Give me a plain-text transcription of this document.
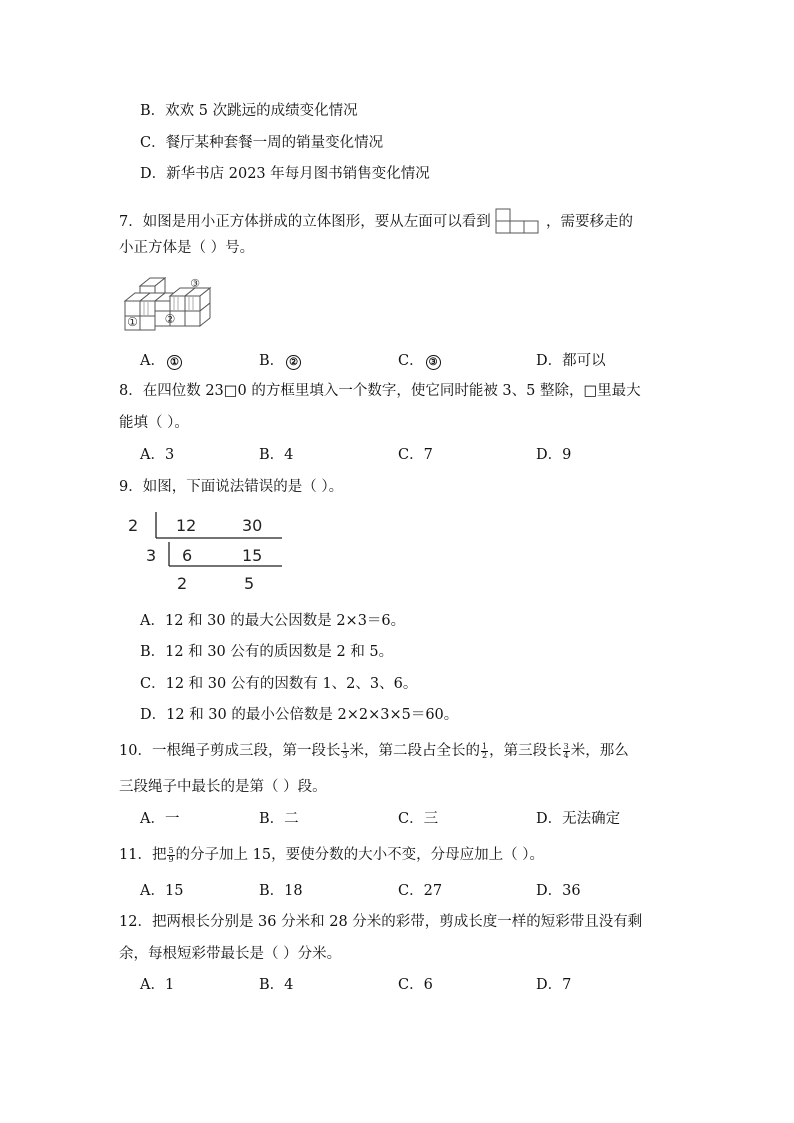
B．欢欢 5 次跳远的成绩变化情况
C．餐厅某种套餐一周的销量变化情况
D．新华书店 2023 年每月图书销售变化情况
7．如图是用小正方体拼成的立体图形，要从左面可以看到	，需要移走的
小正方体是（ ）号。
① ②
③
A． ①	B． ②	C． ③	D．都可以
8．在四位数 23□0 的方框里填入一个数字，使它同时能被 3、5 整除，□里最大
能填（ ）。
A．3	B．4	C．7	D．9
9．如图，下面说法错误的是（ ）。
2 12	30
3 6	15
2	5
A．12 和 30 的最大公因数是 2×3＝6。
B．12 和 30 公有的质因数是 2 和 5。
C．12 和 30 公有的因数有 1、2、3、6。
D．12 和 30 的最小公倍数是 2×2×3×5＝60。
10．一根绳子剪成三段，第一段长 $\frac{1}{3}$ 米，第二段占全长的 $\frac{1}{2}$ ，第三段长 $\frac{3}{4}$ 米，那么
三段绳子中最长的是第（ ）段。
A．一	B．二	C．三	D．无法确定
11．把 $\frac{5}{9}$ 的分子加上 15，要使分数的大小不变，分母应加上（ ）。
A．15	B．18	C．27	D．36
12．把两根长分别是 36 分米和 28 分米的彩带，剪成长度一样的短彩带且没有剩
余，每根短彩带最长是（ ）分米。
A．1	B．4	C．6	D．7
